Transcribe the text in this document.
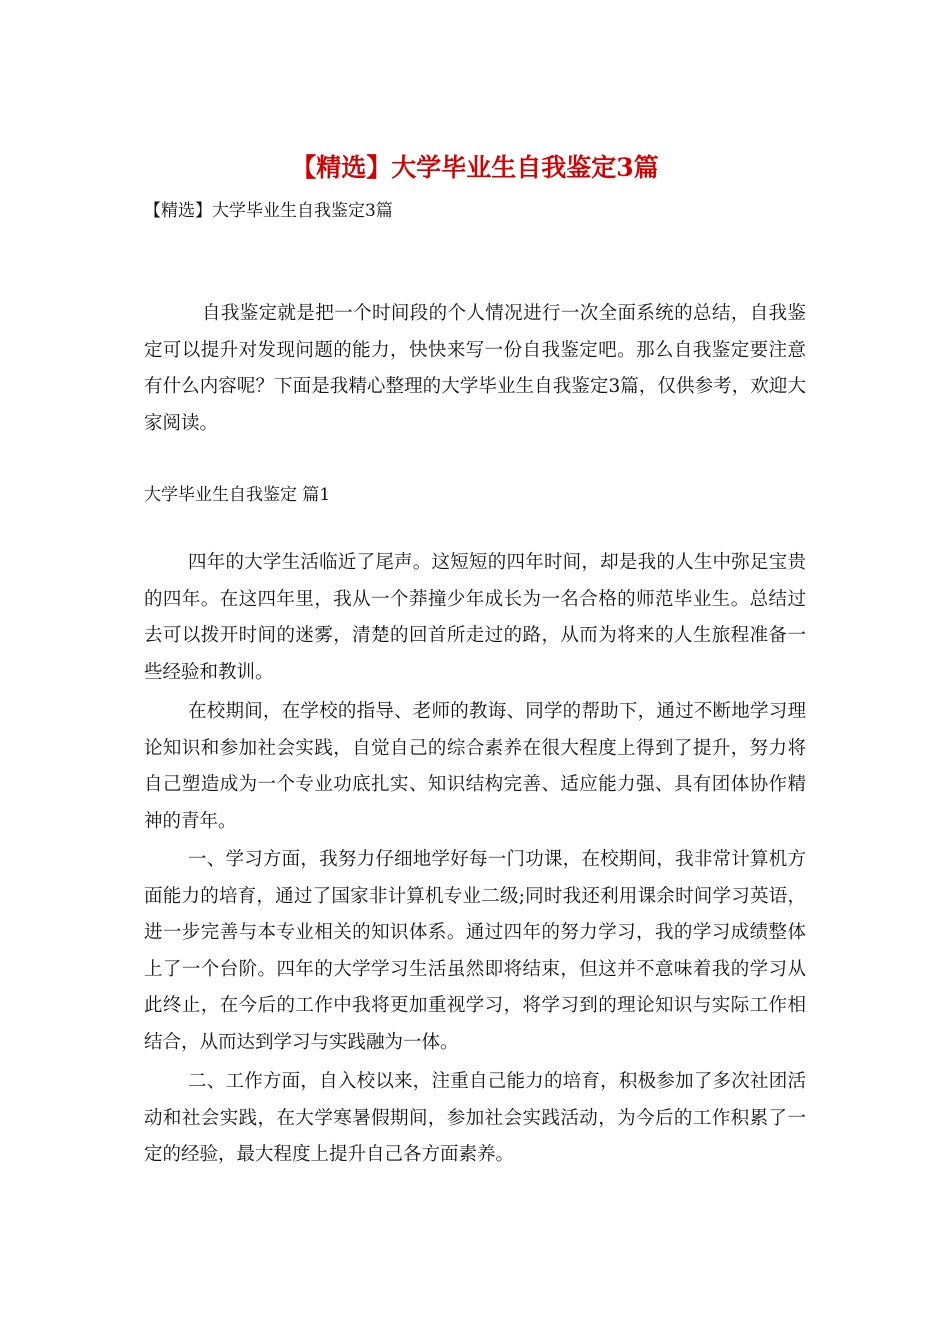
【精选】大学毕业生自我鉴定3篇
【精选】大学毕业生自我鉴定3篇

自我鉴定就是把一个时间段的个人情况进行一次全面系统的总结，自我鉴定可以提升对发现问题的能力，快快来写一份自我鉴定吧。那么自我鉴定要注意有什么内容呢？下面是我精心整理的大学毕业生自我鉴定3篇，仅供参考，欢迎大家阅读。

大学毕业生自我鉴定 篇1

四年的大学生活临近了尾声。这短短的四年时间，却是我的人生中弥足宝贵的四年。在这四年里，我从一个莽撞少年成长为一名合格的师范毕业生。总结过去可以拨开时间的迷雾，清楚的回首所走过的路，从而为将来的人生旅程准备一些经验和教训。

在校期间，在学校的指导、老师的教诲、同学的帮助下，通过不断地学习理论知识和参加社会实践，自觉自己的综合素养在很大程度上得到了提升，努力将自己塑造成为一个专业功底扎实、知识结构完善、适应能力强、具有团体协作精神的青年。

一、学习方面，我努力仔细地学好每一门功课，在校期间，我非常计算机方面能力的培育，通过了国家非计算机专业二级;同时我还利用课余时间学习英语，进一步完善与本专业相关的知识体系。通过四年的努力学习，我的学习成绩整体上了一个台阶。四年的大学学习生活虽然即将结束，但这并不意味着我的学习从此终止，在今后的工作中我将更加重视学习，将学习到的理论知识与实际工作相结合，从而达到学习与实践融为一体。

二、工作方面，自入校以来，注重自己能力的培育，积极参加了多次社团活动和社会实践，在大学寒暑假期间，参加社会实践活动，为今后的工作积累了一定的经验，最大程度上提升自己各方面素养。
